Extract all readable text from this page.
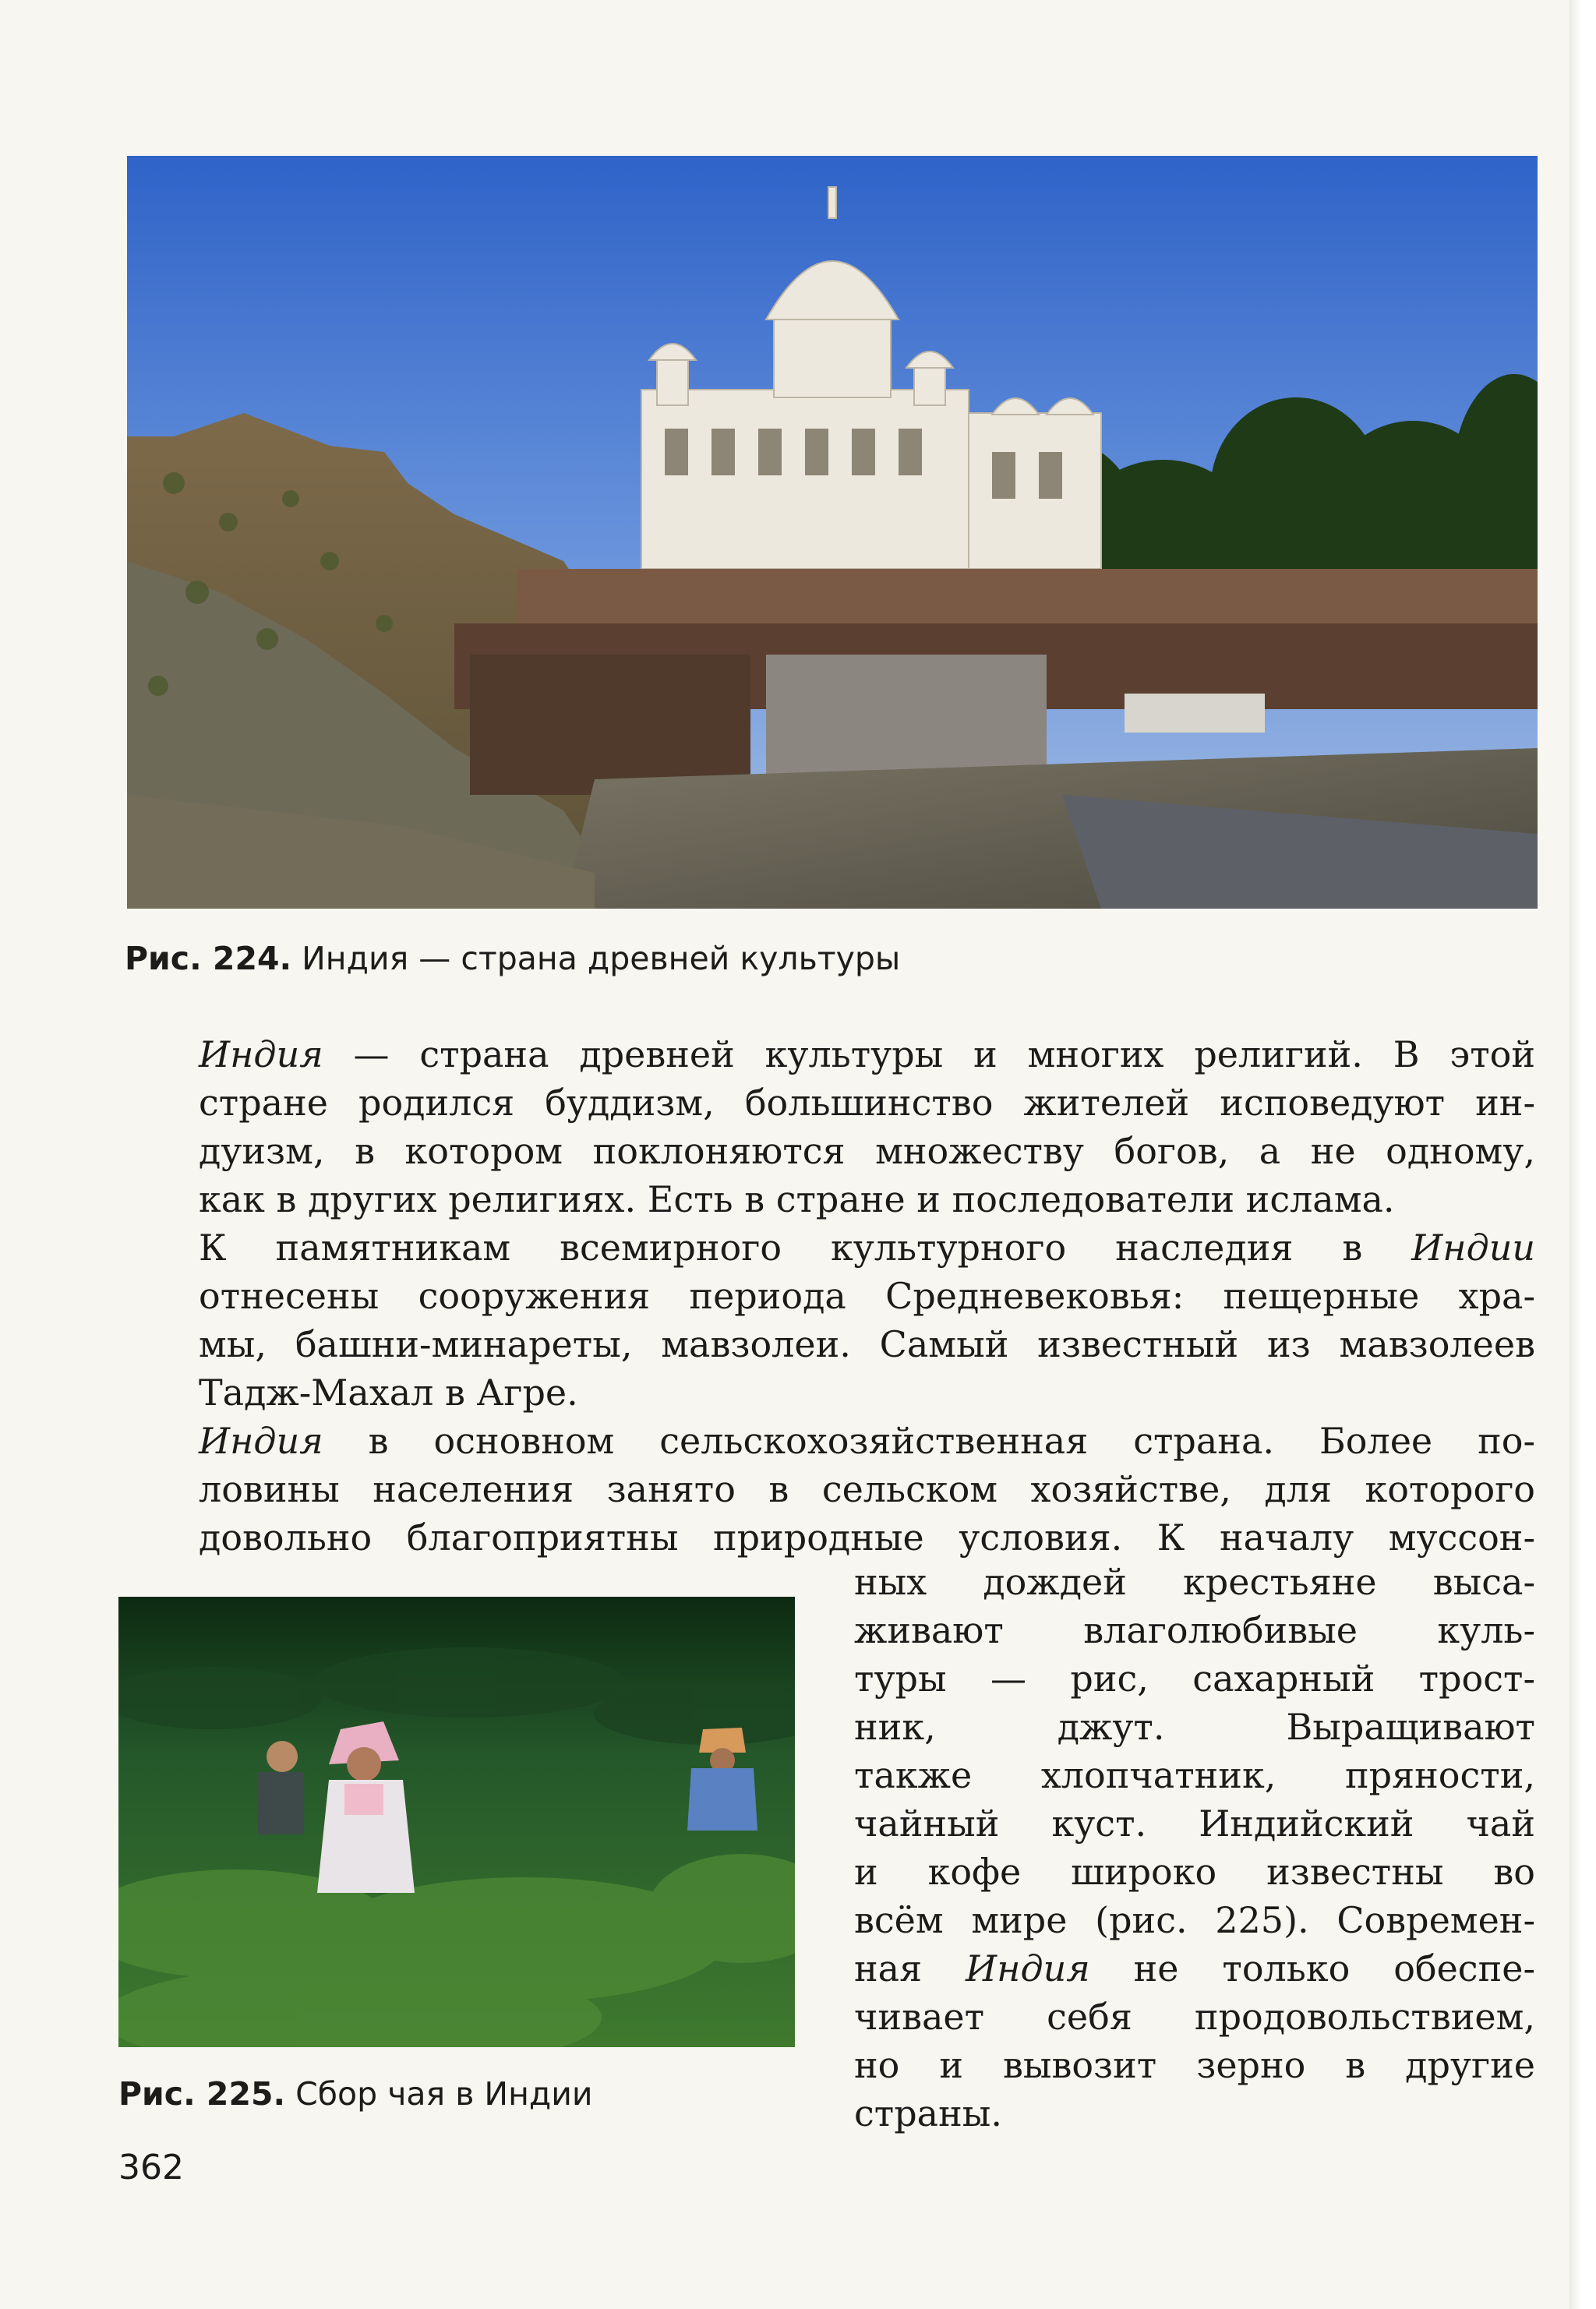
Рис. 224. Индия — страна древней культуры

Индия — страна древней культуры и многих религий. В этой
стране родился буддизм, большинство жителей исповедуют ин-
дуизм, в котором поклоняются множеству богов, а не одному,
как в других религиях. Есть в стране и последователи ислама.

К памятникам всемирного культурного наследия в Индии
отнесены сооружения периода Средневековья: пещерные хра-
мы, башни-минареты, мавзолеи. Самый известный из мавзолеев
Тадж-Махал в Агре.

Индия в основном сельскохозяйственная страна. Более по-
ловины населения занято в сельском хозяйстве, для которого
довольно благоприятны природные условия. К началу муссон-

Рис. 225. Сбор чая в Индии

ных дождей крестьяне выса-
живают влаголюбивые куль-
туры — рис, сахарный трост-
ник, джут. Выращивают
также хлопчатник, пряности,
чайный куст. Индийский чай
и кофе широко известны во
всём мире (рис. 225). Современ-
ная Индия не только обеспе-
чивает себя продовольствием,
но и вывозит зерно в другие
страны.

362
